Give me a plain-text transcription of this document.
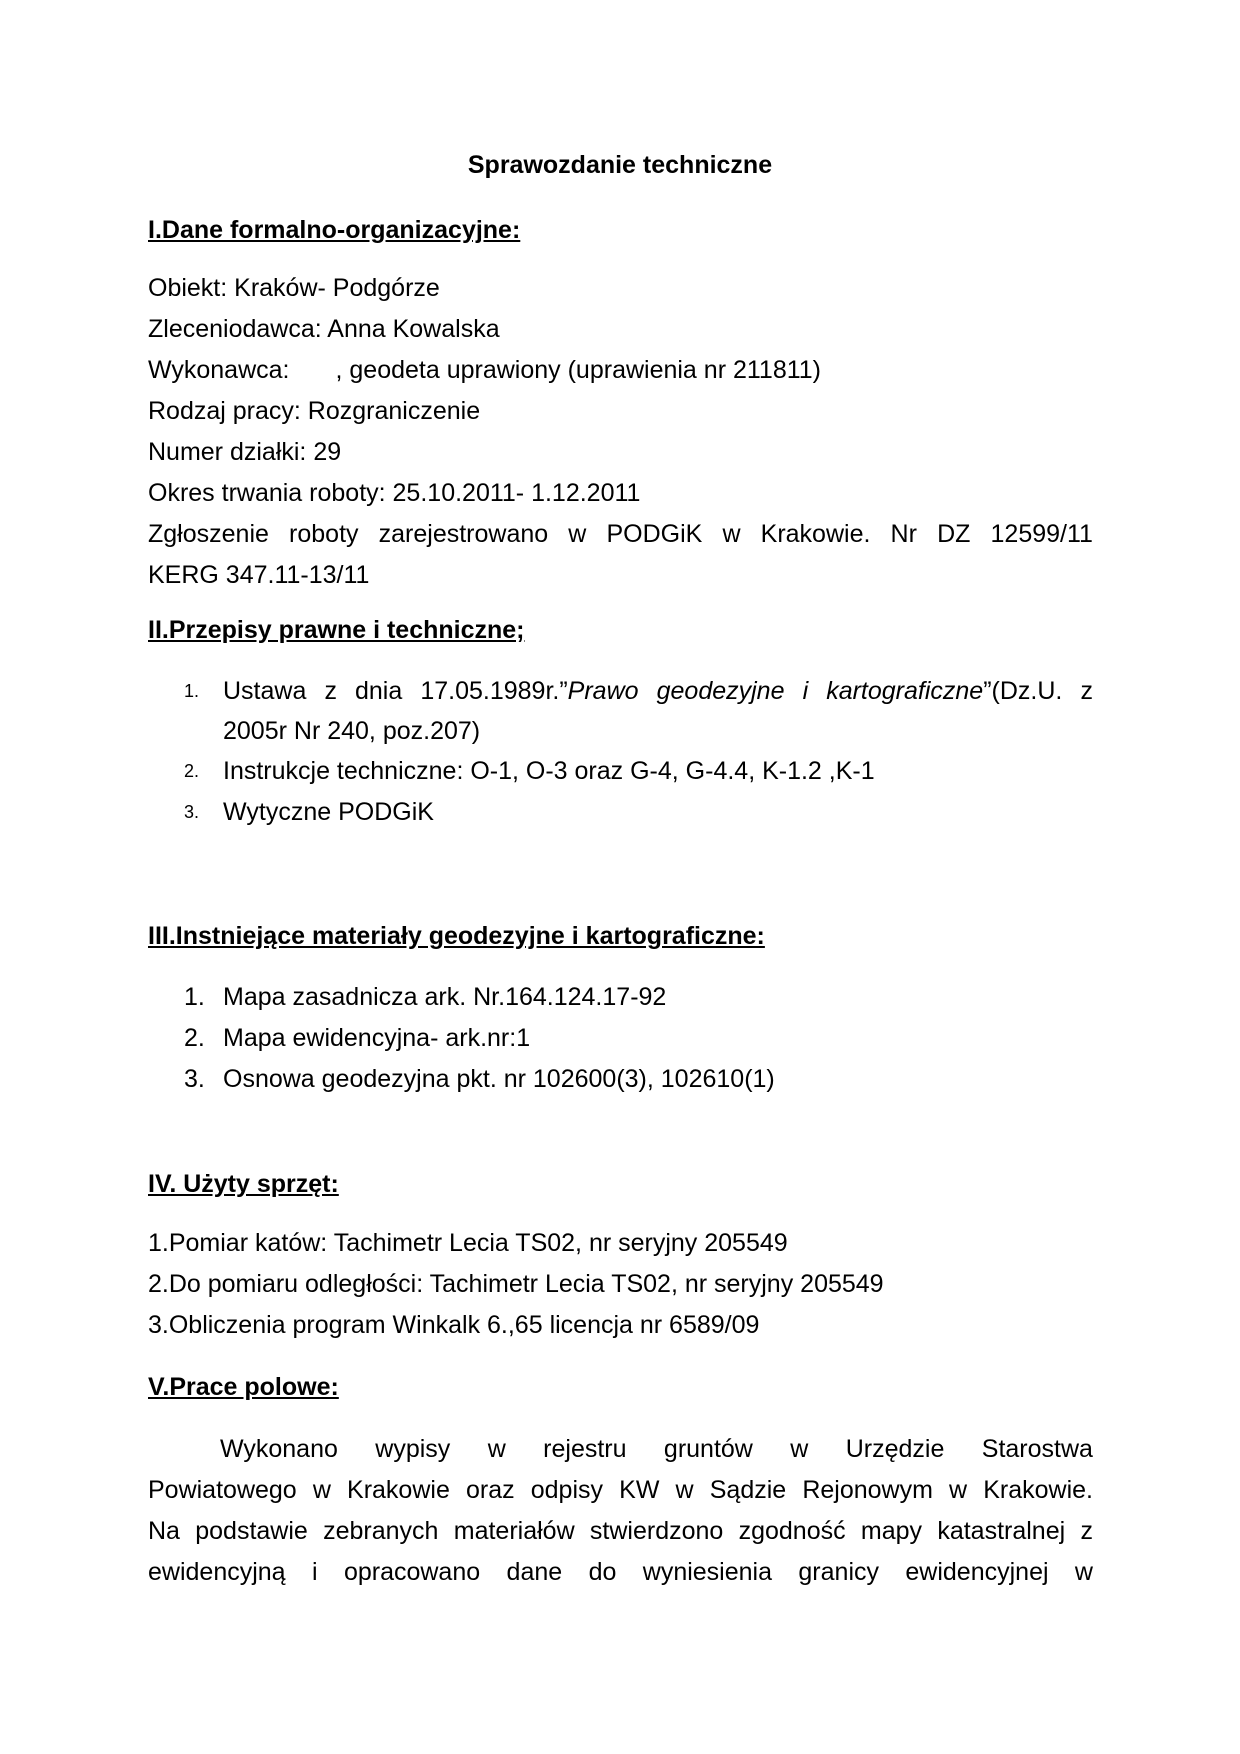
Sprawozdanie techniczne
I.Dane formalno-organizacyjne:
Obiekt: Kraków- Podgórze
Zleceniodawca: Anna Kowalska
Wykonawca: , geodeta uprawiony (uprawienia nr 211811)
Rodzaj pracy: Rozgraniczenie
Numer działki: 29
Okres trwania roboty: 25.10.2011- 1.12.2011
Zgłoszenie roboty zarejestrowano w PODGiK w Krakowie. Nr DZ 12599/11
KERG 347.11-13/11
II.Przepisy prawne i techniczne;
1. Ustawa z dnia 17.05.1989r.”Prawo geodezyjne i kartograficzne”(Dz.U. z
2005r Nr 240, poz.207)
2. Instrukcje techniczne: O-1, O-3 oraz G-4, G-4.4, K-1.2 ,K-1
3. Wytyczne PODGiK
III.Instniejące materiały geodezyjne i kartograficzne:
1. Mapa zasadnicza ark. Nr.164.124.17-92
2. Mapa ewidencyjna- ark.nr:1
3. Osnowa geodezyjna pkt. nr 102600(3), 102610(1)
IV. Użyty sprzęt:
1.Pomiar katów: Tachimetr Lecia TS02, nr seryjny 205549
2.Do pomiaru odległości: Tachimetr Lecia TS02, nr seryjny 205549
3.Obliczenia program Winkalk 6.,65 licencja nr 6589/09
V.Prace polowe:
Wykonano wypisy w rejestru gruntów w Urzędzie Starostwa
Powiatowego w Krakowie oraz odpisy KW w Sądzie Rejonowym w Krakowie.
Na podstawie zebranych materiałów stwierdzono zgodność mapy katastralnej z
ewidencyjną i opracowano dane do wyniesienia granicy ewidencyjnej w
